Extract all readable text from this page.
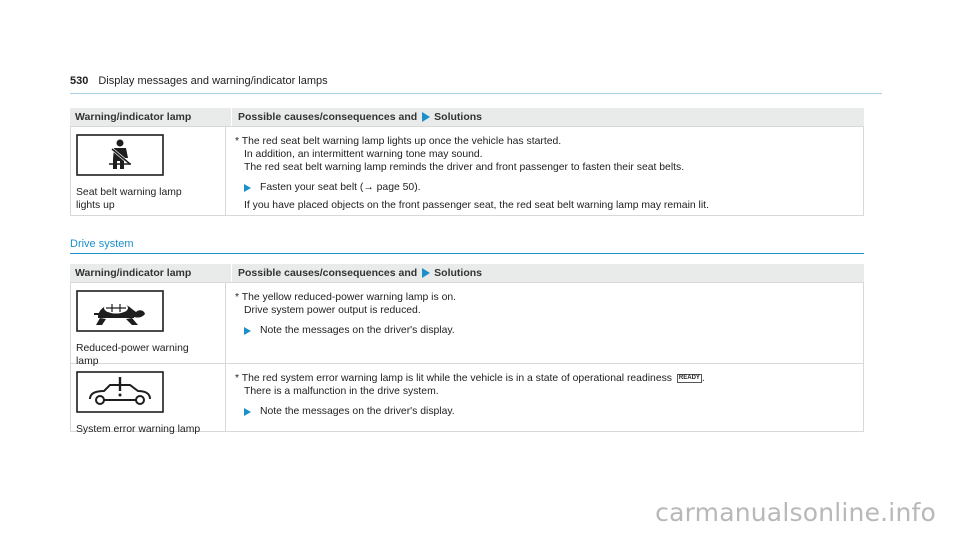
530 Display messages and warning/indicator lamps
Warning/indicator lamp	Possible causes/consequences and Solutions
Seat belt warning lamp
lights up
* The red seat belt warning lamp lights up once the vehicle has started.
In addition, an intermittent warning tone may sound.
The red seat belt warning lamp reminds the driver and front passenger to fasten their seat belts.
Fasten your seat belt (→ page 50).
If you have placed objects on the front passenger seat, the red seat belt warning lamp may remain lit.
Drive system
Warning/indicator lamp	Possible causes/consequences and Solutions
Reduced-power warning
lamp
* The yellow reduced-power warning lamp is on.
Drive system power output is reduced.
Note the messages on the driver's display.
System error warning lamp
* The red system error warning lamp is lit while the vehicle is in a state of operational readiness READY .
There is a malfunction in the drive system.
Note the messages on the driver's display.
carmanualsonline.info
